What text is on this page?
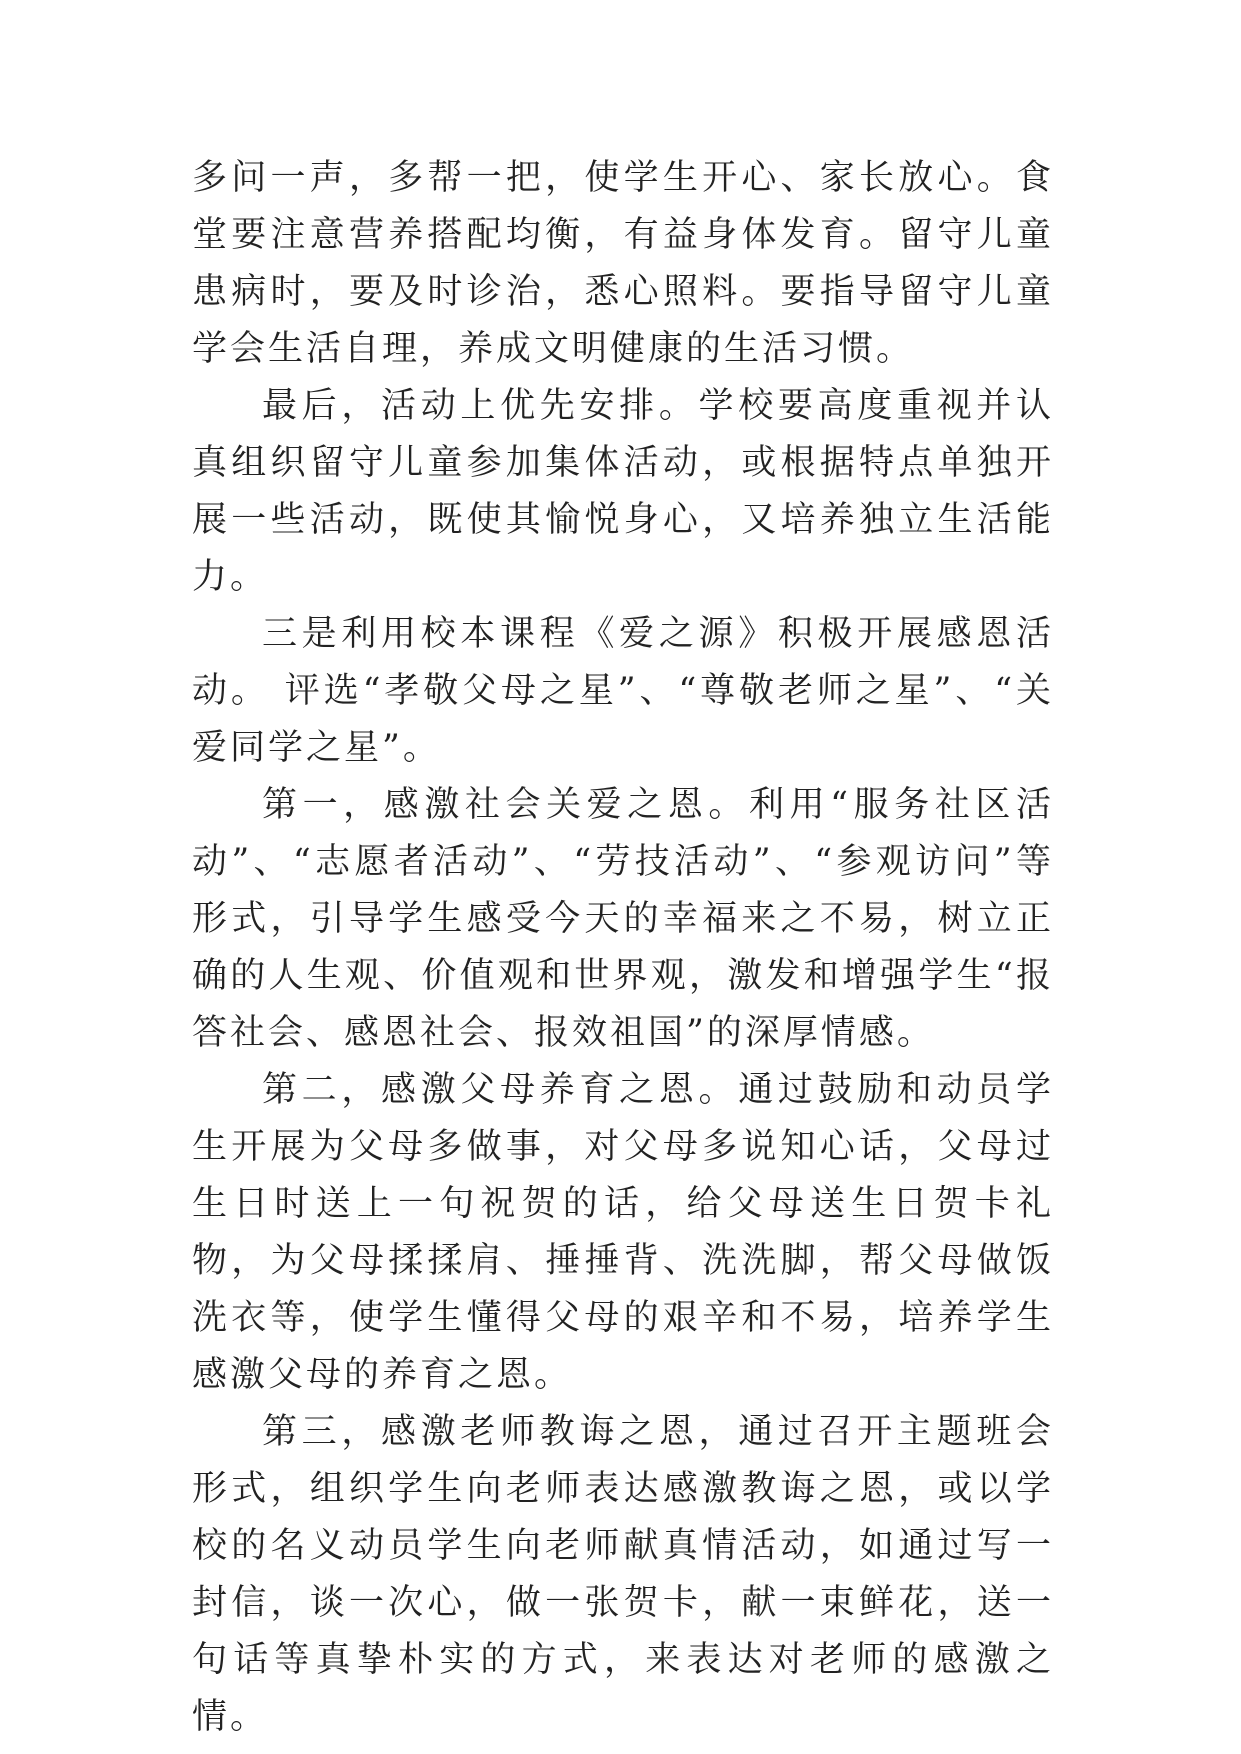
多问一声，多帮一把，使学生开心、家长放心。食堂要注意营养搭配均衡，有益身体发育。留守儿童患病时，要及时诊治，悉心照料。要指导留守儿童学会生活自理，养成文明健康的生活习惯。

最后，活动上优先安排。学校要高度重视并认真组织留守儿童参加集体活动，或根据特点单独开展一些活动，既使其愉悦身心，又培养独立生活能力。

三是利用校本课程《爱之源》积极开展感恩活动。 评选“孝敬父母之星”、“尊敬老师之星”、“关爱同学之星”。

第一，感激社会关爱之恩。利用“服务社区活动”、“志愿者活动”、“劳技活动”、“参观访问”等形式，引导学生感受今天的幸福来之不易，树立正确的人生观、价值观和世界观，激发和增强学生“报答社会、感恩社会、报效祖国”的深厚情感。

第二，感激父母养育之恩。通过鼓励和动员学生开展为父母多做事，对父母多说知心话，父母过生日时送上一句祝贺的话，给父母送生日贺卡礼物，为父母揉揉肩、捶捶背、洗洗脚，帮父母做饭洗衣等，使学生懂得父母的艰辛和不易，培养学生感激父母的养育之恩。

第三，感激老师教诲之恩，通过召开主题班会形式，组织学生向老师表达感激教诲之恩，或以学校的名义动员学生向老师献真情活动，如通过写一封信，谈一次心，做一张贺卡，献一束鲜花，送一句话等真挚朴实的方式，来表达对老师的感激之情。
